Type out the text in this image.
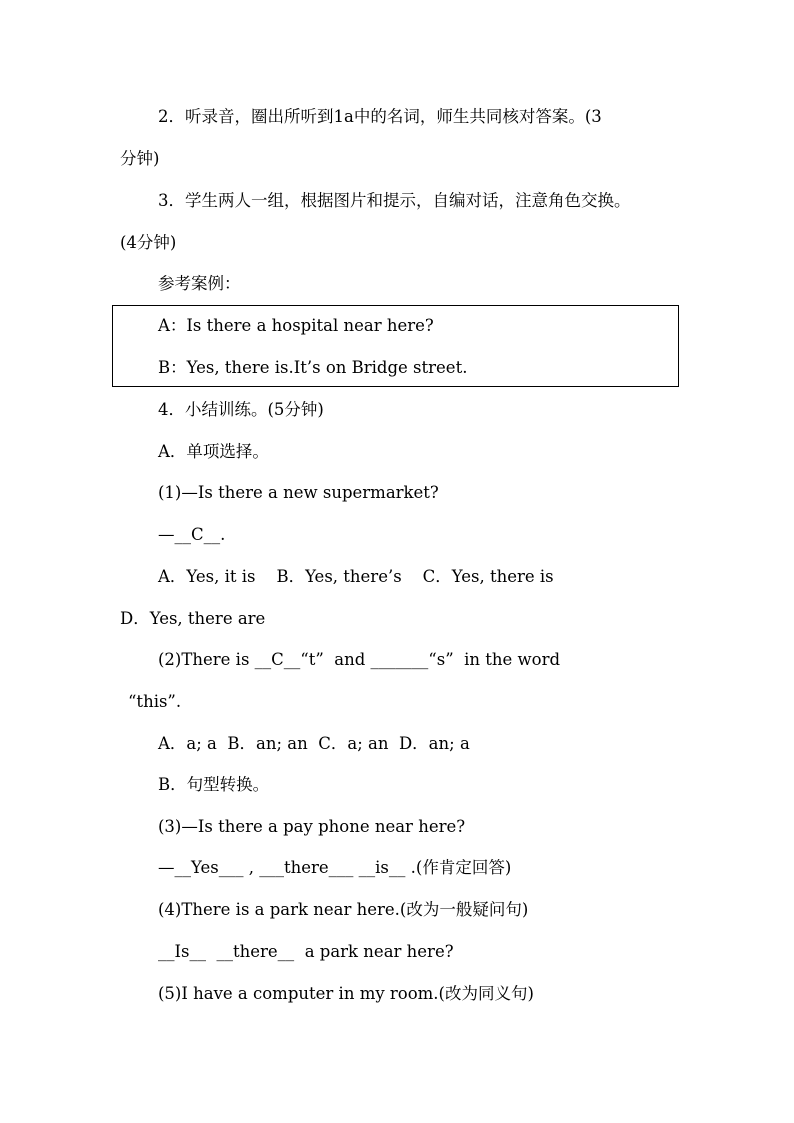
2．听录音，圈出所听到1a中的名词，师生共同核对答案。(3
分钟)
3．学生两人一组，根据图片和提示，自编对话，注意角色交换。
(4分钟)
参考案例：
A：Is there a hospital near here?
B：Yes, there is.It’s on Bridge street.
4．小结训练。(5分钟)
A．单项选择。
(1)—Is there a new supermarket?
—__C__.
A．Yes, it is    B．Yes, there’s    C．Yes, there is
D．Yes, there are
(2)There is __C__“t”  and _______“s”  in the word
“this”.
A．a; a  B．an; an  C．a; an  D．an; a
B．句型转换。
(3)—Is there a pay phone near here?
—__Yes___ , ___there___ __is__ .(作肯定回答)
(4)There is a park near here.(改为一般疑问句)
__Is__ __there__ a park near here?
(5)I have a computer in my room.(改为同义句)
